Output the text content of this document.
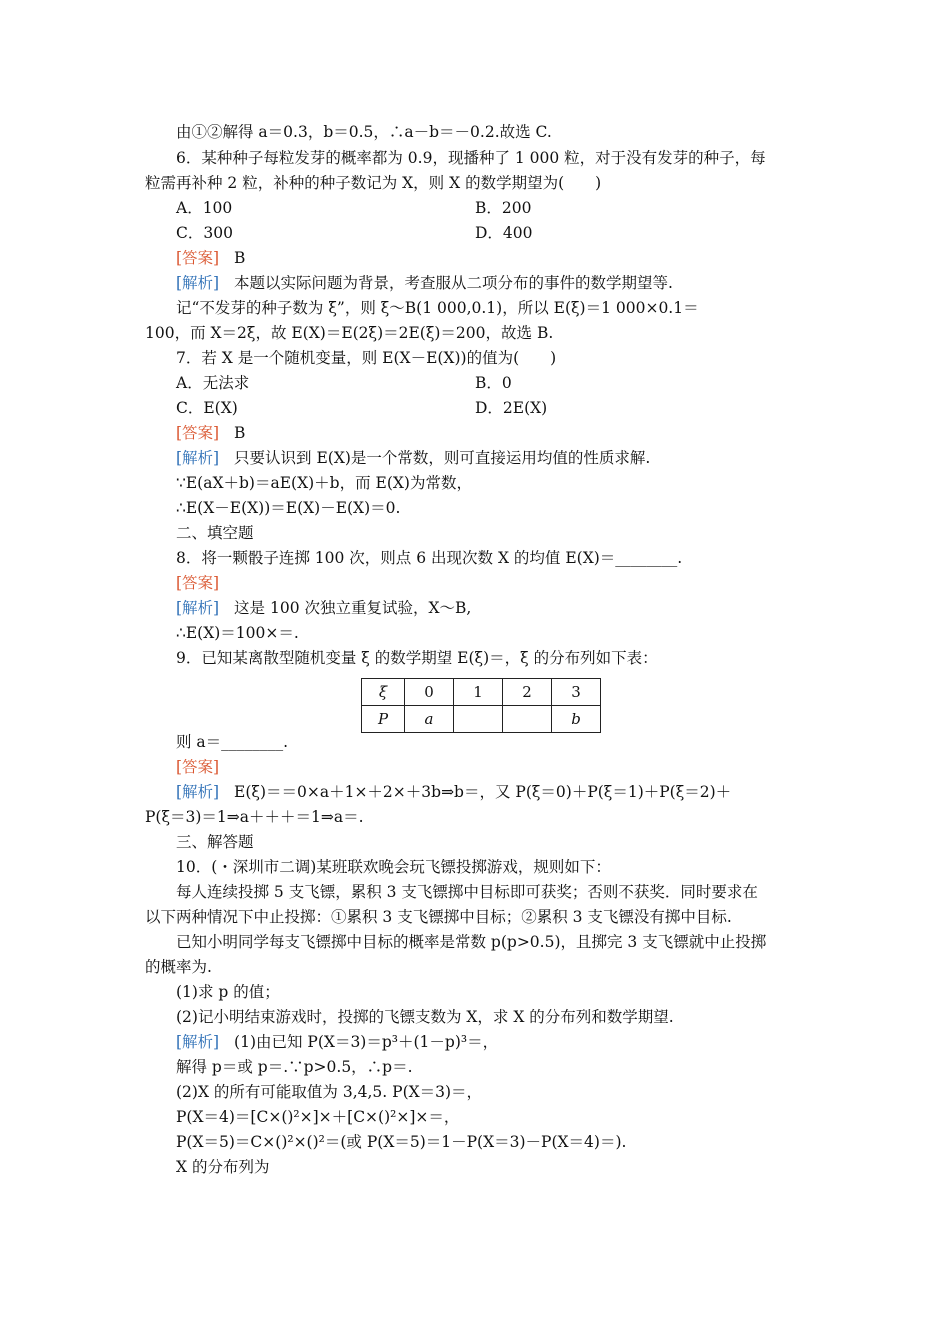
由①②解得 a＝0.3，b＝0.5，∴a－b＝－0.2.故选 C.
6．某种种子每粒发芽的概率都为 0.9，现播种了 1 000 粒，对于没有发芽的种子，每
粒需再补种 2 粒，补种的种子数记为 X，则 X 的数学期望为(　　)
A．100	B．200
C．300	D．400
[答案] B
[解析] 本题以实际问题为背景，考查服从二项分布的事件的数学期望等.
记“不发芽的种子数为 ξ”，则 ξ～B(1 000,0.1)，所以 E(ξ)＝1 000×0.1＝
100，而 X＝2ξ，故 E(X)＝E(2ξ)＝2E(ξ)＝200，故选 B.
7．若 X 是一个随机变量，则 E(X－E(X))的值为(　　)
A．无法求	B．0
C．E(X)	D．2E(X)
[答案] B
[解析] 只要认识到 E(X)是一个常数，则可直接运用均值的性质求解.
∵E(aX＋b)＝aE(X)＋b，而 E(X)为常数，
∴E(X－E(X))＝E(X)－E(X)＝0.
二、填空题
8．将一颗骰子连掷 100 次，则点 6 出现次数 X 的均值 E(X)＝________.
[答案]
[解析] 这是 100 次独立重复试验，X～B,
∴E(X)＝100×＝.
9．已知某离散型随机变量 ξ 的数学期望 E(ξ)＝，ξ 的分布列如下表：
ξ	0	1	2	3
P	a			b
则 a＝________.
[答案]
[解析] E(ξ)＝＝0×a＋1×＋2×＋3b⇒b＝，又 P(ξ＝0)＋P(ξ＝1)＋P(ξ＝2)＋
P(ξ＝3)＝1⇒a＋＋＋＝1⇒a＝.
三、解答题
10．(・深圳市二调)某班联欢晚会玩飞镖投掷游戏，规则如下：
每人连续投掷 5 支飞镖，累积 3 支飞镖掷中目标即可获奖；否则不获奖．同时要求在
以下两种情况下中止投掷：①累积 3 支飞镖掷中目标；②累积 3 支飞镖没有掷中目标.
已知小明同学每支飞镖掷中目标的概率是常数 p(p>0.5)，且掷完 3 支飞镖就中止投掷
的概率为.
(1)求 p 的值；
(2)记小明结束游戏时，投掷的飞镖支数为 X，求 X 的分布列和数学期望.
[解析] (1)由已知 P(X＝3)＝p³＋(1－p)³＝，
解得 p＝或 p＝.∵p>0.5，∴p＝.
(2)X 的所有可能取值为 3,4,5. P(X＝3)＝，
P(X＝4)＝[C×()²×]×＋[C×()²×]×＝，
P(X＝5)＝C×()²×()²＝(或 P(X＝5)＝1－P(X＝3)－P(X＝4)＝).
X 的分布列为
